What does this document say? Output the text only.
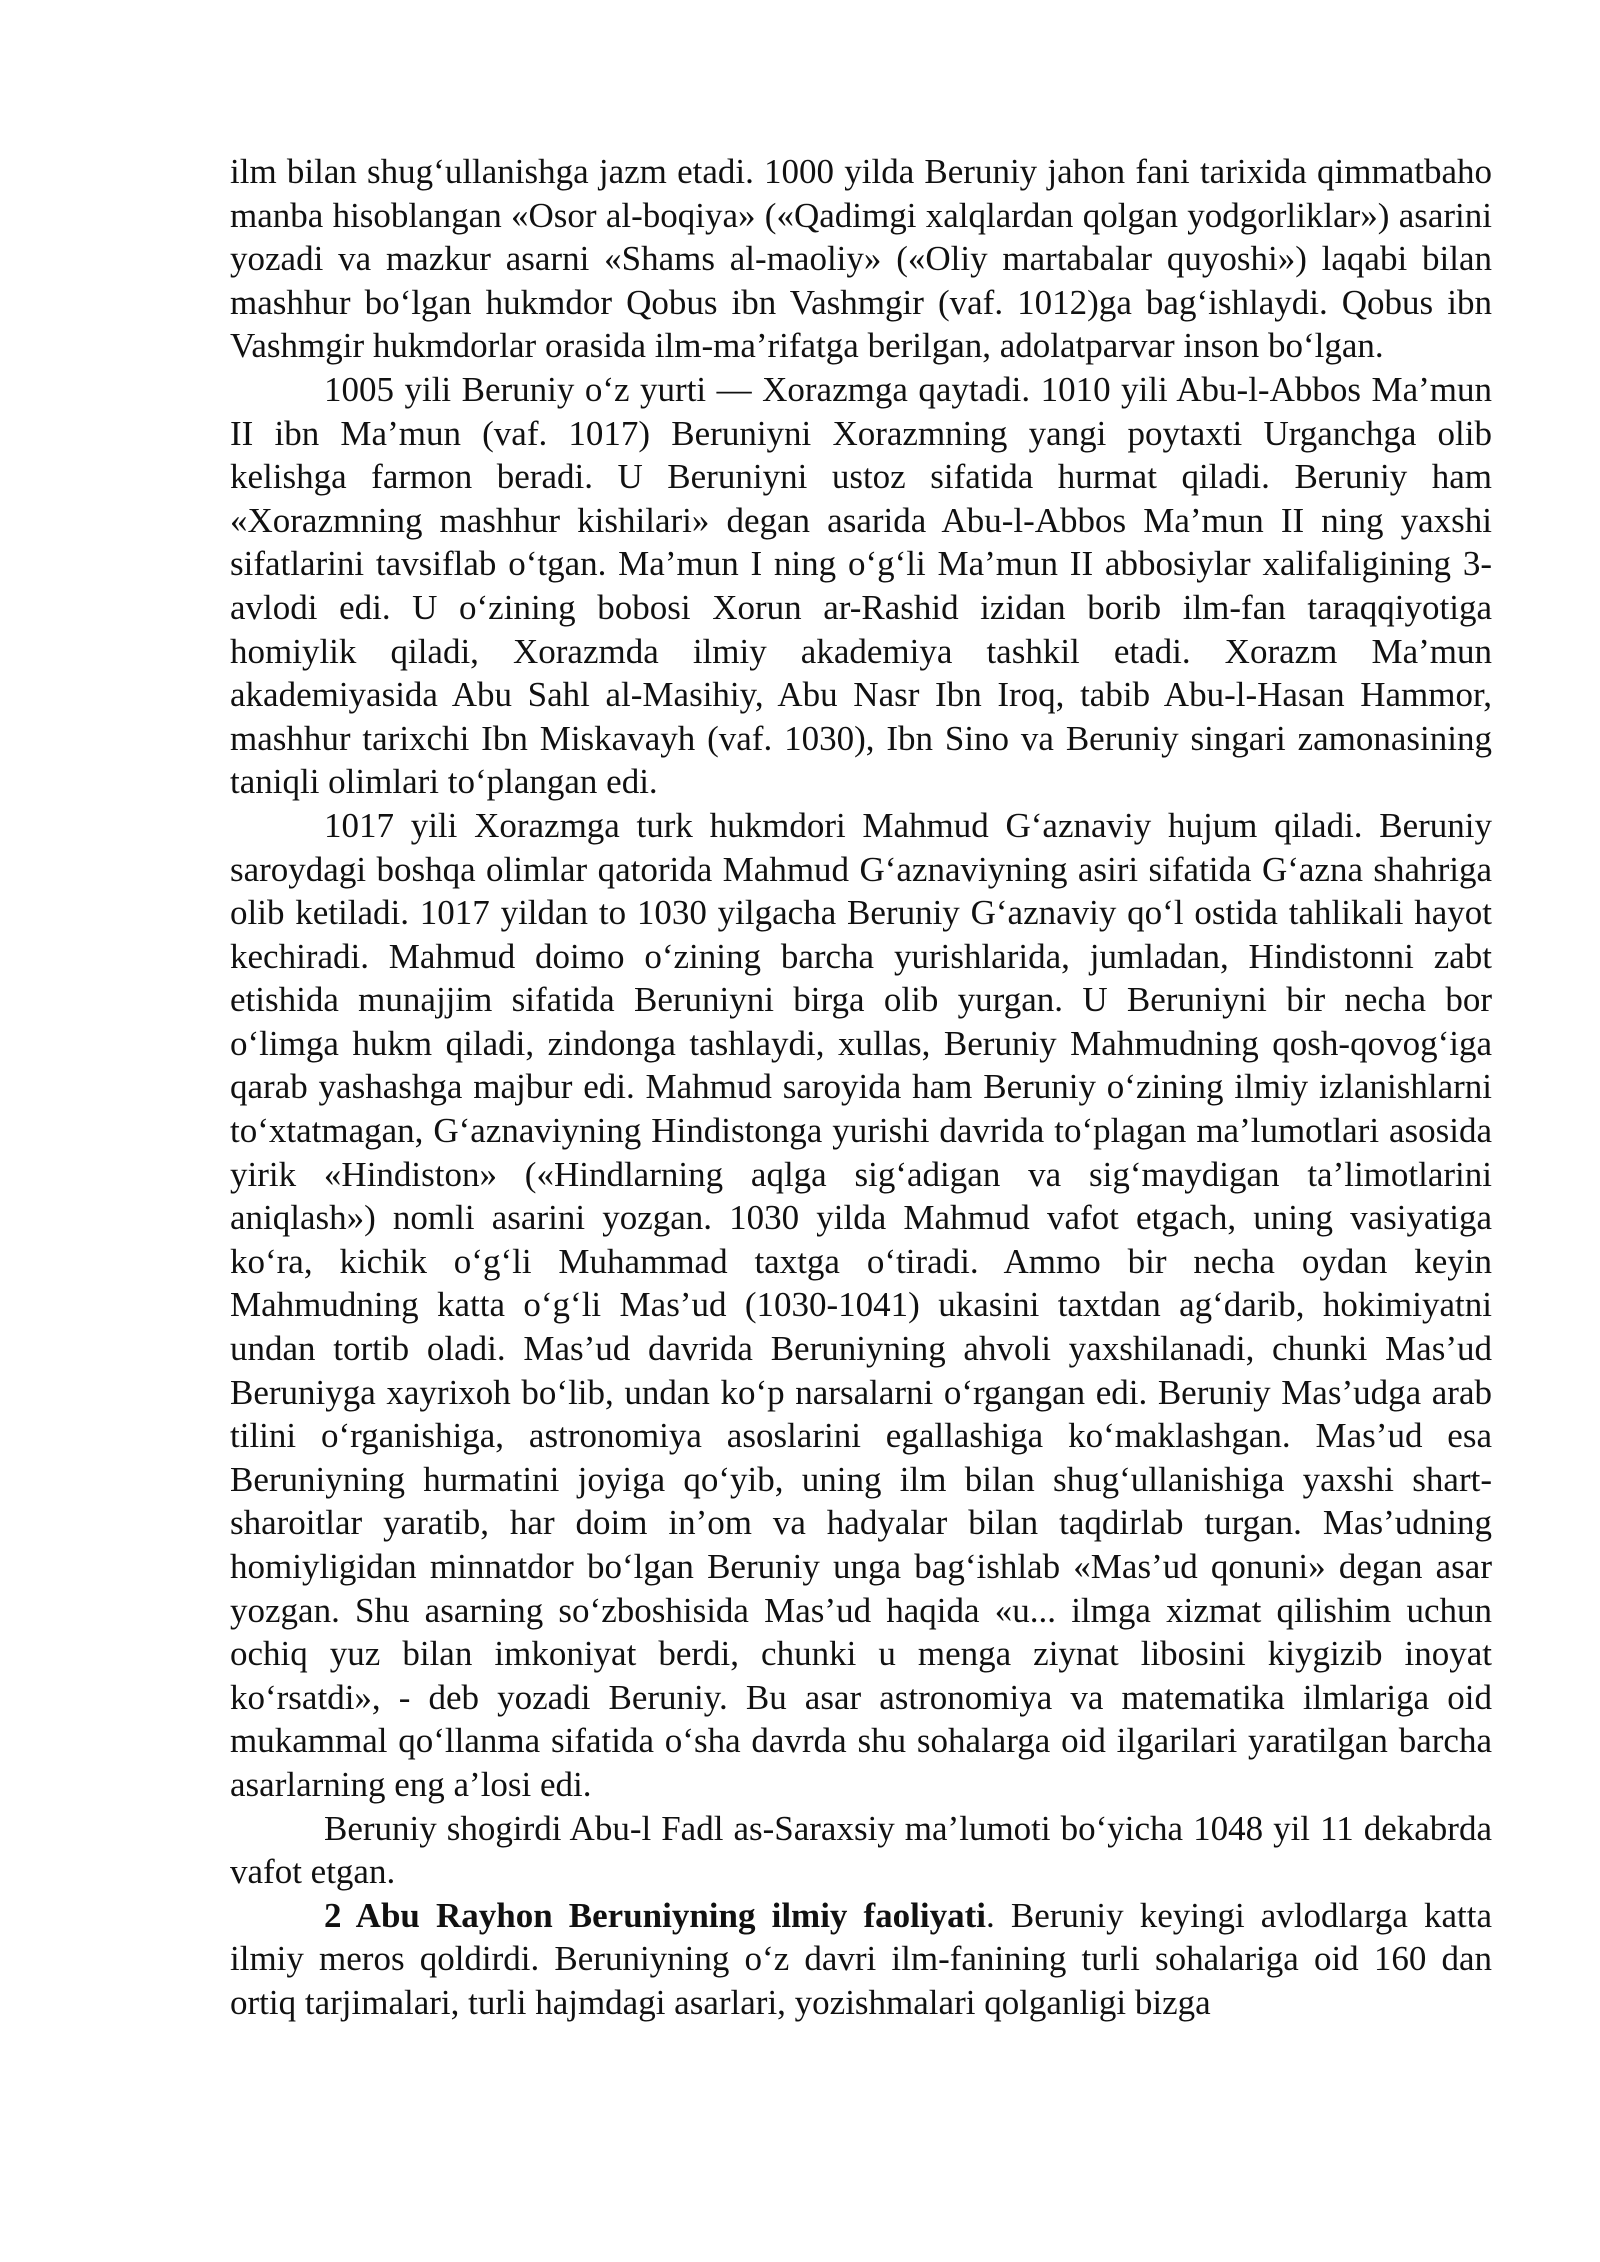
ilm bilan shug‘ullanishga jazm etadi. 1000 yilda Beruniy jahon fani tarixida qimmatbaho manba hisoblangan «Osor al-boqiya» («Qadimgi xalqlardan qolgan yodgorliklar») asarini yozadi va mazkur asarni «Shams al-maoliy» («Oliy martabalar quyoshi») laqabi bilan mashhur bo‘lgan hukmdor Qobus ibn Vashmgir (vaf. 1012)ga bag‘ishlaydi. Qobus ibn Vashmgir hukmdorlar orasida ilm-ma’rifatga berilgan, adolatparvar inson bo‘lgan.

1005 yili Beruniy o‘z yurti — Xorazmga qaytadi. 1010 yili Abu-l-Abbos Ma’mun II ibn Ma’mun (vaf. 1017) Beruniyni Xorazmning yangi poytaxti Urganchga olib kelishga farmon beradi. U Beruniyni ustoz sifatida hurmat qiladi. Beruniy ham «Xorazmning mashhur kishilari» degan asarida Abu-l-Abbos Ma’mun II ning yaxshi sifatlarini tavsiflab o‘tgan. Ma’mun I ning o‘g‘li Ma’mun II abbosiylar xalifaligining 3-avlodi edi. U o‘zining bobosi Xorun ar-Rashid izidan borib ilm-fan taraqqiyotiga homiylik qiladi, Xorazmda ilmiy akademiya tashkil etadi. Xorazm Ma’mun akademiyasida Abu Sahl al-Masihiy, Abu Nasr Ibn Iroq, tabib Abu-l-Hasan Hammor, mashhur tarixchi Ibn Miskavayh (vaf. 1030), Ibn Sino va Beruniy singari zamonasining taniqli olimlari to‘plangan edi.

1017 yili Xorazmga turk hukmdori Mahmud G‘aznaviy hujum qiladi. Beruniy saroydagi boshqa olimlar qatorida Mahmud G‘aznaviyning asiri sifatida G‘azna shahriga olib ketiladi. 1017 yildan to 1030 yilgacha Beruniy G‘aznaviy qo‘l ostida tahlikali hayot kechiradi. Mahmud doimo o‘zining barcha yurishlarida, jumladan, Hindistonni zabt etishida munajjim sifatida Beruniyni birga olib yurgan. U Beruniyni bir necha bor o‘limga hukm qiladi, zindonga tashlaydi, xullas, Beruniy Mahmudning qosh-qovog‘iga qarab yashashga majbur edi. Mahmud saroyida ham Beruniy o‘zining ilmiy izlanishlarni to‘xtatmagan, G‘aznaviyning Hindistonga yurishi davrida to‘plagan ma’lumotlari asosida yirik «Hindiston» («Hindlarning aqlga sig‘adigan va sig‘maydigan ta’limotlarini aniqlash») nomli asarini yozgan. 1030 yilda Mahmud vafot etgach, uning vasiyatiga ko‘ra, kichik o‘g‘li Muhammad taxtga o‘tiradi. Ammo bir necha oydan keyin Mahmudning katta o‘g‘li Mas’ud (1030-1041) ukasini taxtdan ag‘darib, hokimiyatni undan tortib oladi. Mas’ud davrida Beruniyning ahvoli yaxshilanadi, chunki Mas’ud Beruniyga xayrixoh bo‘lib, undan ko‘p narsalarni o‘rgangan edi. Beruniy Mas’udga arab tilini o‘rganishiga, astronomiya asoslarini egallashiga ko‘maklashgan. Mas’ud esa Beruniyning hurmatini joyiga qo‘yib, uning ilm bilan shug‘ullanishiga yaxshi shart-sharoitlar yaratib, har doim in’om va hadyalar bilan taqdirlab turgan. Mas’udning homiyligidan minnatdor bo‘lgan Beruniy unga bag‘ishlab «Mas’ud qonuni» degan asar yozgan. Shu asarning so‘zboshisida Mas’ud haqida «u... ilmga xizmat qilishim uchun ochiq yuz bilan imkoniyat berdi, chunki u menga ziynat libosini kiygizib inoyat ko‘rsatdi», - deb yozadi Beruniy. Bu asar astronomiya va matematika ilmlariga oid mukammal qo‘llanma sifatida o‘sha davrda shu sohalarga oid ilgarilari yaratilgan barcha asarlarning eng a’losi edi.

Beruniy shogirdi Abu-l Fadl as-Saraxsiy ma’lumoti bo‘yicha 1048 yil 11 dekabrda vafot etgan.

2 Abu Rayhon Beruniyning ilmiy faoliyati. Beruniy keyingi avlodlarga katta ilmiy meros qoldirdi. Beruniyning o‘z davri ilm-fanining turli sohalariga oid 160 dan ortiq tarjimalari, turli hajmdagi asarlari, yozishmalari qolganligi bizga
